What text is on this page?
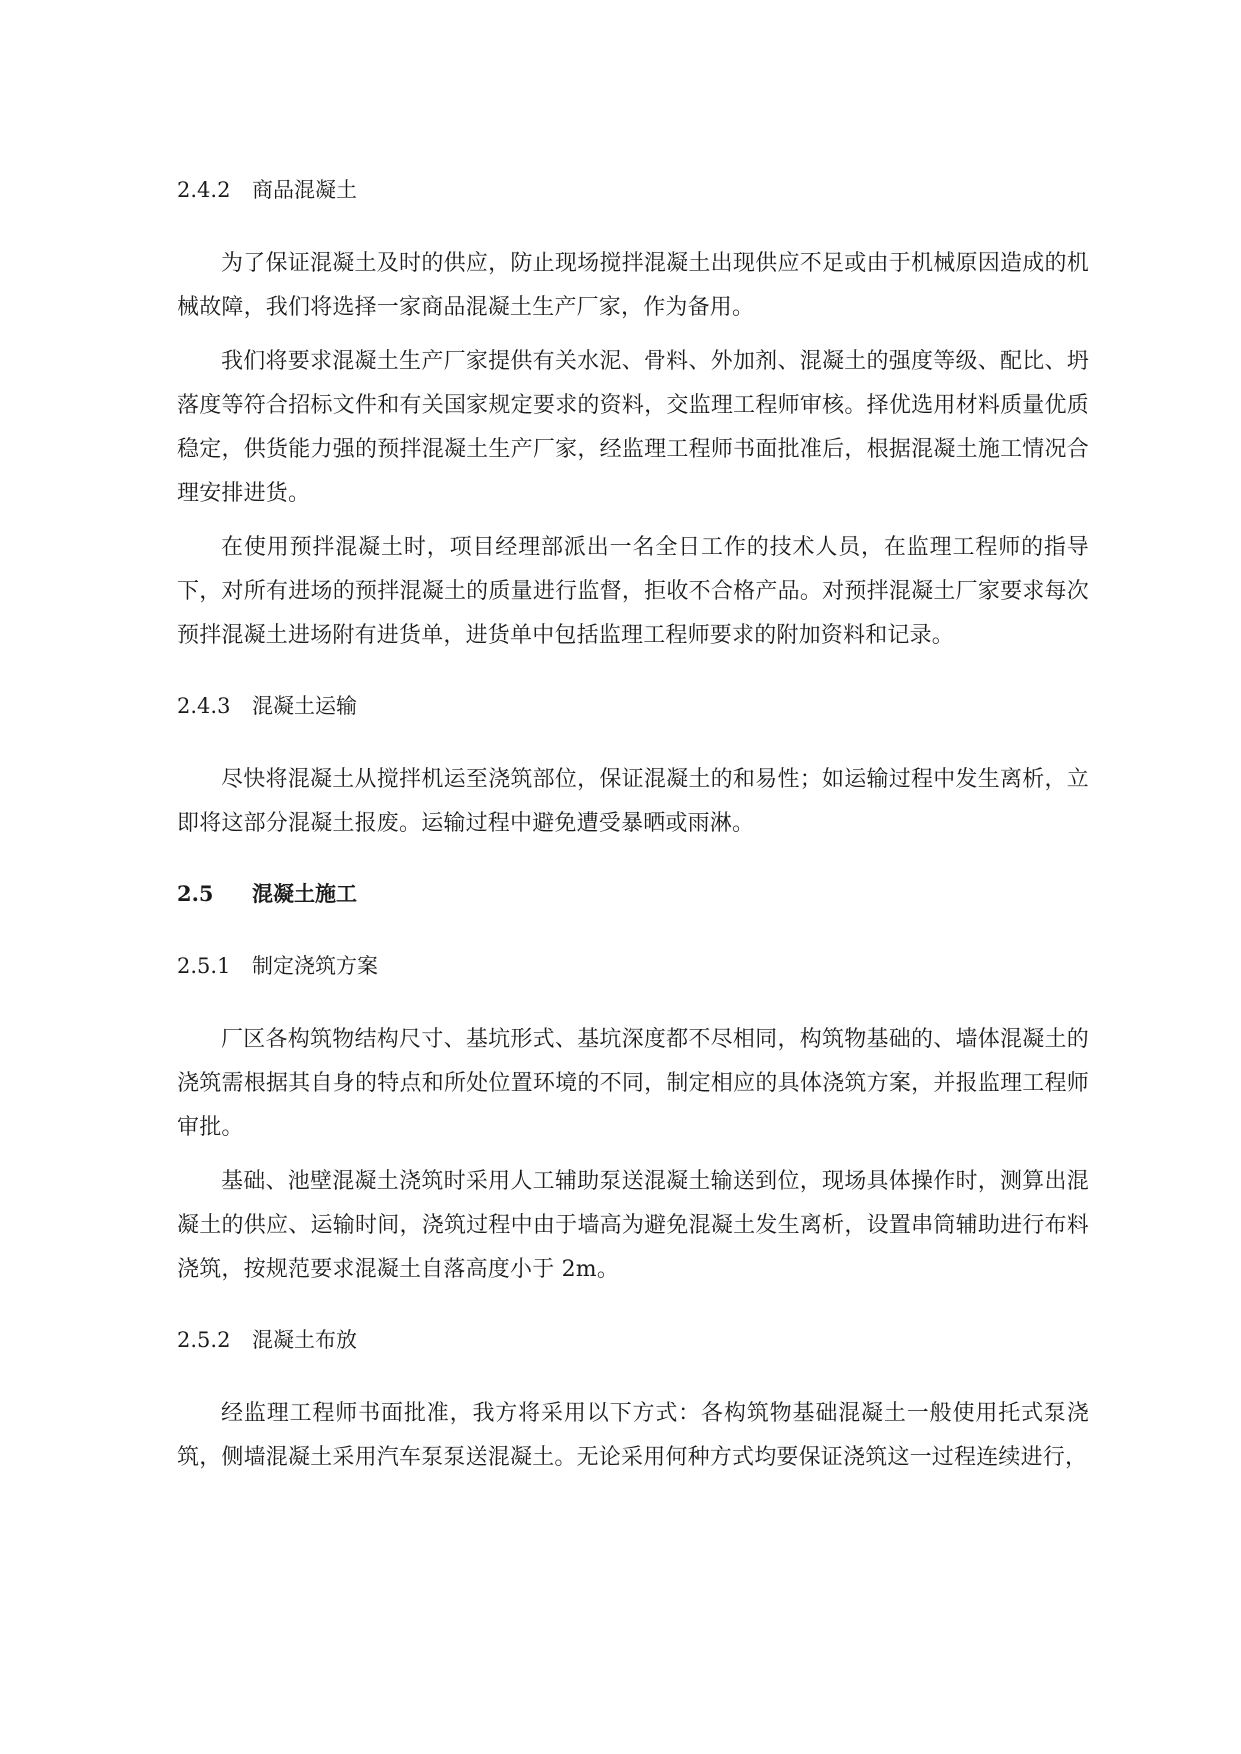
2.4.2 商品混凝土

为了保证混凝土及时的供应，防止现场搅拌混凝土出现供应不足或由于机械原因造成的机械故障，我们将选择一家商品混凝土生产厂家，作为备用。

我们将要求混凝土生产厂家提供有关水泥、骨料、外加剂、混凝土的强度等级、配比、坍落度等符合招标文件和有关国家规定要求的资料，交监理工程师审核。择优选用材料质量优质稳定，供货能力强的预拌混凝土生产厂家，经监理工程师书面批准后，根据混凝土施工情况合理安排进货。

在使用预拌混凝土时，项目经理部派出一名全日工作的技术人员，在监理工程师的指导下，对所有进场的预拌混凝土的质量进行监督，拒收不合格产品。对预拌混凝土厂家要求每次预拌混凝土进场附有进货单，进货单中包括监理工程师要求的附加资料和记录。

2.4.3 混凝土运输

尽快将混凝土从搅拌机运至浇筑部位，保证混凝土的和易性；如运输过程中发生离析，立即将这部分混凝土报废。运输过程中避免遭受暴晒或雨淋。

2.5 混凝土施工
2.5.1 制定浇筑方案

厂区各构筑物结构尺寸、基坑形式、基坑深度都不尽相同，构筑物基础的、墙体混凝土的浇筑需根据其自身的特点和所处位置环境的不同，制定相应的具体浇筑方案，并报监理工程师审批。

基础、池壁混凝土浇筑时采用人工辅助泵送混凝土输送到位，现场具体操作时，测算出混凝土的供应、运输时间，浇筑过程中由于墙高为避免混凝土发生离析，设置串筒辅助进行布料浇筑，按规范要求混凝土自落高度小于 2m。

2.5.2 混凝土布放

经监理工程师书面批准，我方将采用以下方式：各构筑物基础混凝土一般使用托式泵浇筑，侧墙混凝土采用汽车泵泵送混凝土。无论采用何种方式均要保证浇筑这一过程连续进行，
